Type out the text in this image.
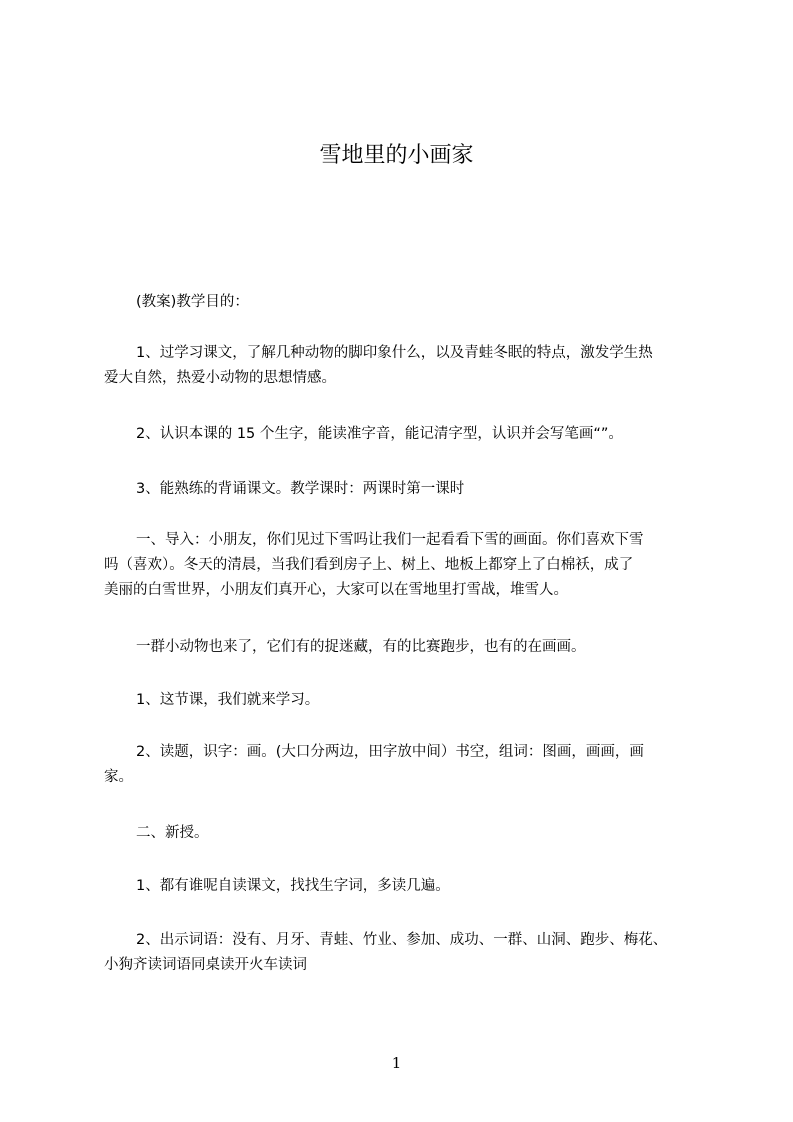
雪地里的小画家

(教案)教学目的：

1、过学习课文，了解几种动物的脚印象什么，以及青蛙冬眠的特点，激发学生热
爱大自然，热爱小动物的思想情感。

2、认识本课的 15 个生字，能读准字音，能记清字型，认识并会写笔画“”。

3、能熟练的背诵课文。教学课时：两课时第一课时

一、导入：小朋友，你们见过下雪吗让我们一起看看下雪的画面。你们喜欢下雪
吗（喜欢）。冬天的清晨，当我们看到房子上、树上、地板上都穿上了白棉袄，成了
美丽的白雪世界，小朋友们真开心，大家可以在雪地里打雪战，堆雪人。

一群小动物也来了，它们有的捉迷藏，有的比赛跑步，也有的在画画。

1、这节课，我们就来学习。

2、读题，识字：画。(大口分两边，田字放中间）书空，组词：图画，画画，画
家。

二、新授。

1、都有谁呢自读课文，找找生字词，多读几遍。

2、出示词语：没有、月牙、青蛙、竹业、参加、成功、一群、山洞、跑步、梅花、
小狗齐读词语同桌读开火车读词

1
